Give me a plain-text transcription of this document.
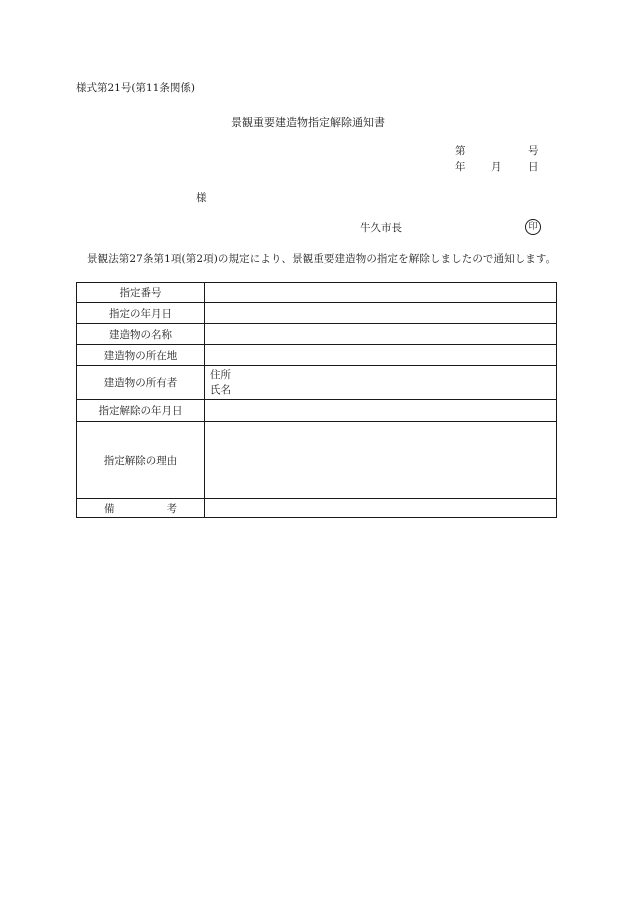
様式第21号(第11条関係)
景観重要建造物指定解除通知書
第	号
年 月	日
様
牛久市長	印
景観法第27条第1項(第2項)の規定により、景観重要建造物の指定を解除しましたので通知します。
指定番号	
指定の年月日	
建造物の名称	
建造物の所在地	
建造物の所有者	住所
氏名

指定解除の年月日	
指定解除の理由	
備 考	
